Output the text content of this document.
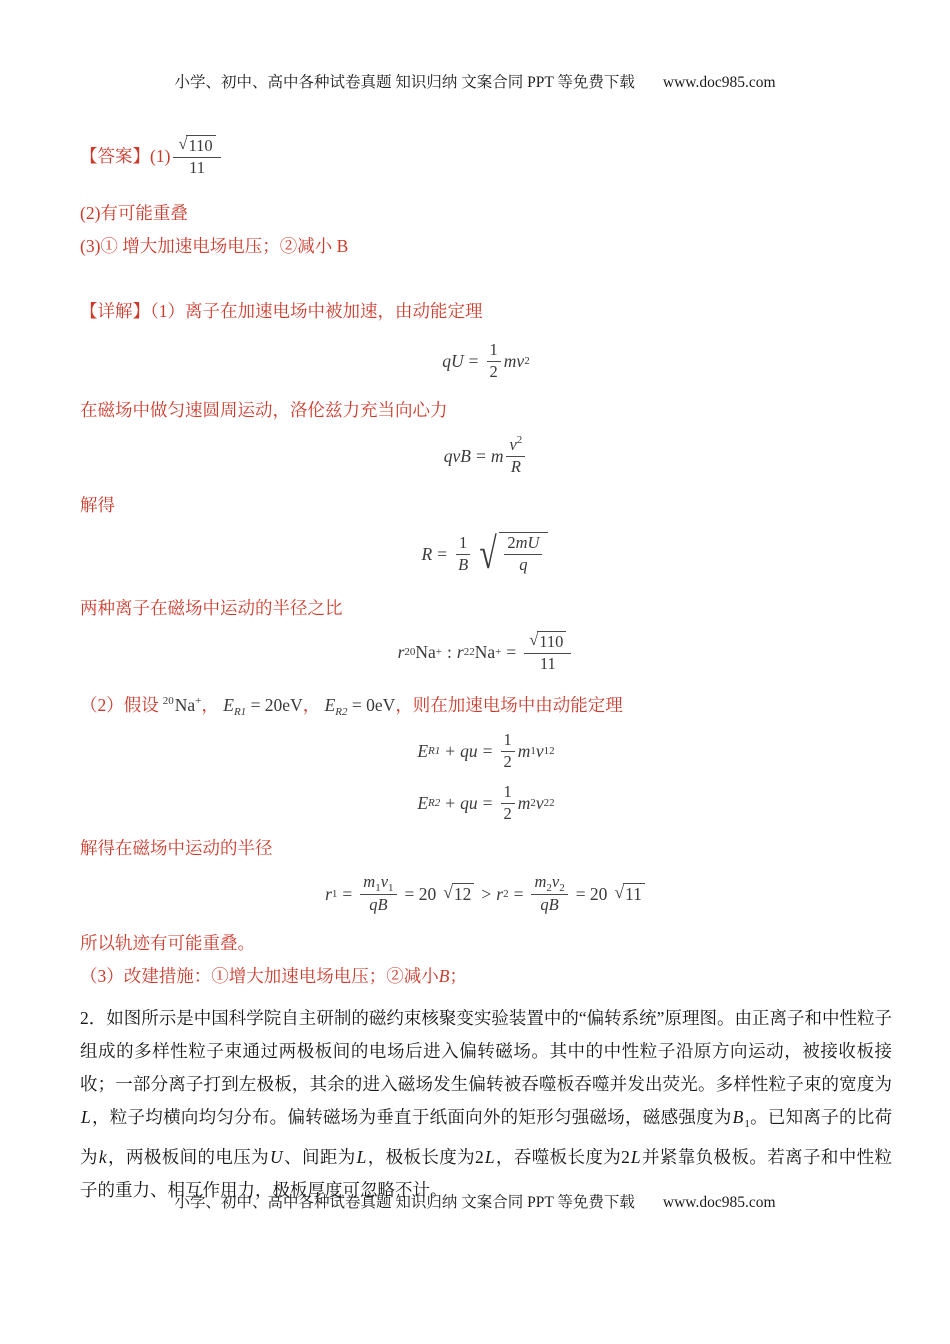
小学、初中、高中各种试卷真题 知识归纳 文案合同 PPT 等免费下载 www.doc985.com
【答案】 $(1) \frac{√ 110}{11}$

(2)有可能重叠

(3)① 增大加速电场电压；②减小 B

【详解】（1）离子在加速电场中被加速，由动能定理

qU = $\frac{1}{2}$ mv 2

在磁场中做匀速圆周运动，洛伦兹力充当向心力

qvB = m $\frac{v^2}{R}$

解得

$R = \frac{1}{B}$ √ $\frac{2mU}{q}$

两种离子在磁场中运动的半径之比

r 20 Na + : r 22 Na + = $\frac{√ 110}{11}$

（2）假设 $^{20}$Na+， $E_{R1} = 20eV$， $E_{R2} = 0eV$，则在加速电场中由动能定理

E R1 + qu = $\frac{1}{2}$ m 1 v 1 2
E R2 + qu = $\frac{1}{2}$ m 2 v 2 2

解得在磁场中运动的半径

r $1 = \frac{m_1v_1}{qB} = 20$ √ 12 > r $2 = \frac{m_2v_2}{qB} = 20$ √ 11

所以轨迹有可能重叠。

（3）改建措施：①增大加速电场电压；②减小B；

2．如图所示是中国科学院自主研制的磁约束核聚变实验装置中的“偏转系统”原理图。由正离子和中性粒子组成的多样性粒子束通过两极板间的电场后进入偏转磁场。其中的中性粒子沿原方向运动，被接收板接收；一部分离子打到左极板，其余的进入磁场发生偏转被吞噬板吞噬并发出荧光。多样性粒子束的宽度为L，粒子均横向均匀分布。偏转磁场为垂直于纸面向外的矩形匀强磁场，磁感强度为$B_1$。已知离子的比荷为k，两极板间的电压为U、间距为L，极板长度为2L，吞噬板长度为2L并紧靠负极板。若离子和中性粒子的重力、相互作用力，极板厚度可忽略不计。

小学、初中、高中各种试卷真题 知识归纳 文案合同 PPT 等免费下载 www.doc985.com
